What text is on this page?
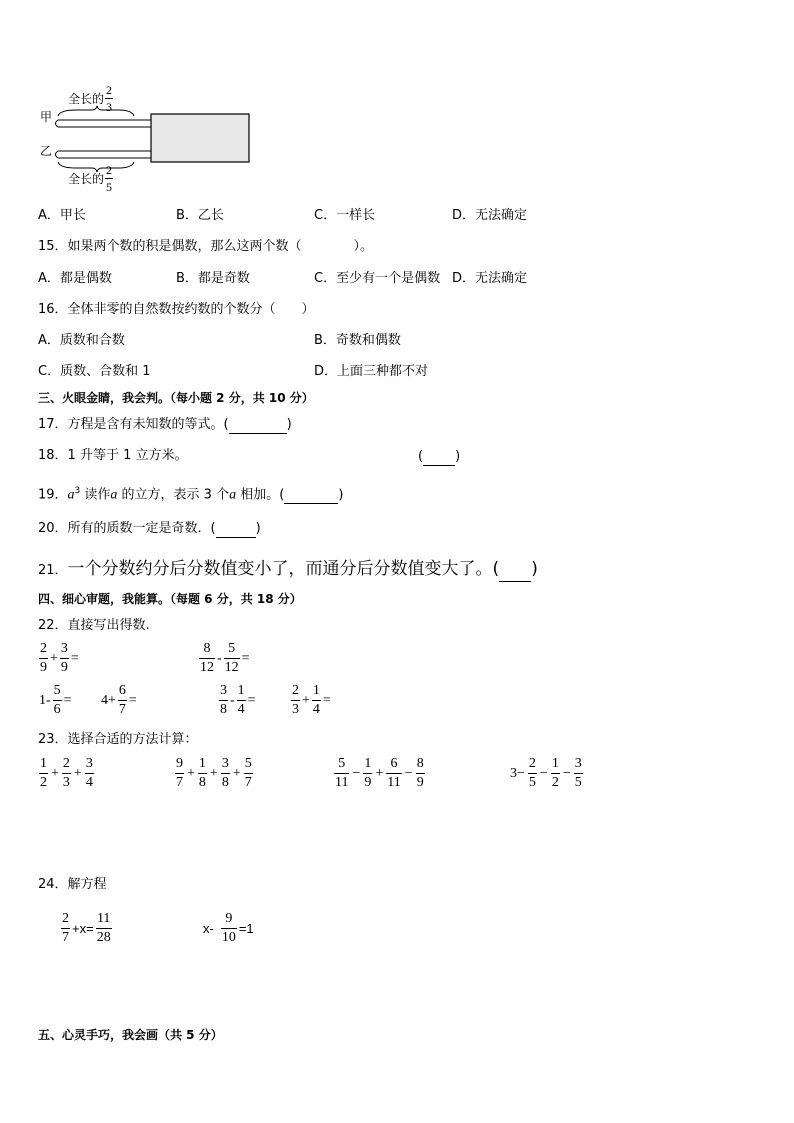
甲
乙
全长的 $\frac{2}{3}$
全长的 $\frac{2}{5}$
A．甲长	B．乙长	C．一样长	D．无法确定
15．如果两个数的积是偶数，那么这两个数（　　　　）。
A．都是偶数	B．都是奇数	C．至少有一个是偶数 D．无法确定
16．全体非零的自然数按约数的个数分（　　）
A．质数和合数	B．奇数和偶数
C．质数、合数和 1	D．上面三种都不对
三、火眼金睛，我会判。（每小题 2 分，共 10 分）
17．方程是含有未知数的等式。(	)
18．1 升等于 1 立方米。	( )
19．$a^3$ 读作a 的立方，表示 3 个a 相加。(	)
20．所有的质数一定是奇数．(	)
21．一个分数约分后分数值变小了，而通分后分数值变大了。( )
四、细心审题，我能算。（每题 6 分，共 18 分）
22．直接写出得数.
$\frac{2}{9} + \frac{3}{9}$ =	$\frac{8}{12} - \frac{5}{12}$ =
$1- \frac{5}{6} = 4+ \frac{6}{7}$ =	$\frac{3}{8} - \frac{1}{4}$ =	$\frac{2}{3} + \frac{1}{4}$ =
23．选择合适的方法计算：
$\frac{1}{2} + \frac{2}{3} + \frac{3}{4}$	$\frac{9}{7} + \frac{1}{8} + \frac{3}{8} + \frac{5}{7}$	$\frac{5}{11} - \frac{1}{9} + \frac{6}{11} - \frac{8}{9}$	$3- \frac{2}{5} - \frac{1}{2} - \frac{3}{5}$
24．解方程
$\frac{2}{7} +x= \frac{11}{28}$	$x- \frac{9}{10} =1$
五、心灵手巧，我会画（共 5 分）
